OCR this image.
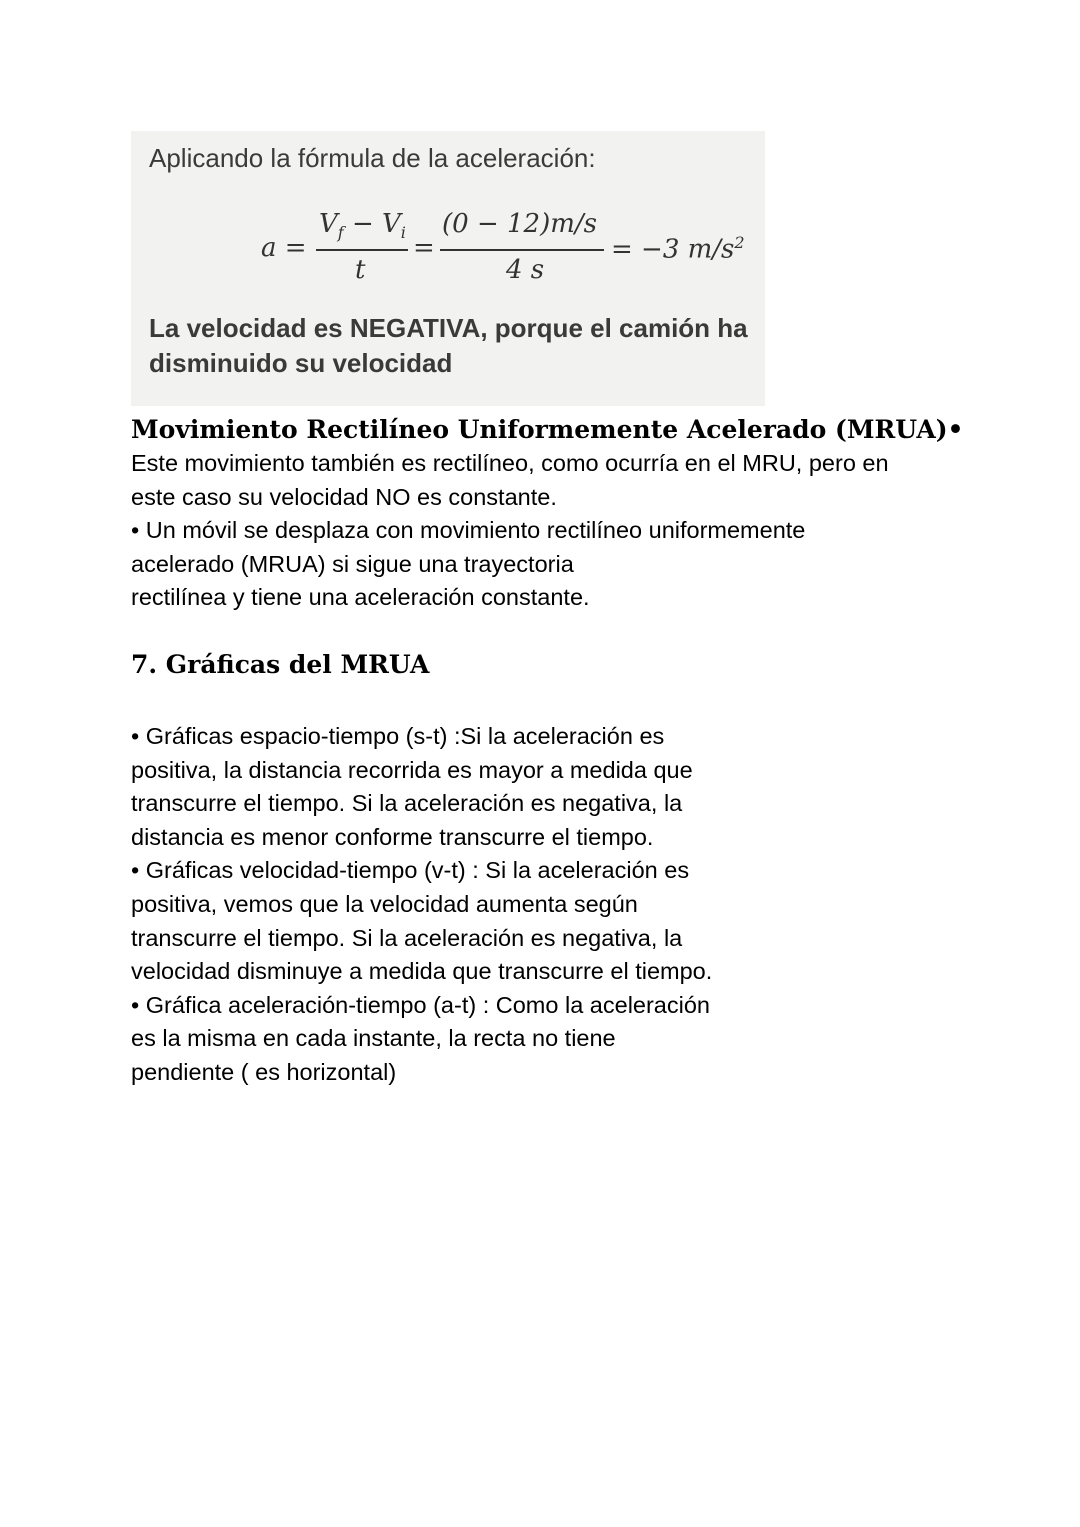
Aplicando la fórmula de la aceleración:
a =
$V_f - V_i$
t
=
(0 − 12)m/s
4 s
= −3 $m/s^2$
La velocidad es NEGATIVA, porque el camión ha
disminuido su velocidad
Movimiento Rectilíneo Uniformemente Acelerado (MRUA)•
Este movimiento también es rectilíneo, como ocurría en el MRU, pero en
este caso su velocidad NO es constante.
• Un móvil se desplaza con movimiento rectilíneo uniformemente
acelerado (MRUA) si sigue una trayectoria
rectilínea y tiene una aceleración constante.
7. Gráficas del MRUA
• Gráficas espacio-tiempo (s-t) :Si la aceleración es
positiva, la distancia recorrida es mayor a medida que
transcurre el tiempo. Si la aceleración es negativa, la
distancia es menor conforme transcurre el tiempo.
• Gráficas velocidad-tiempo (v-t) : Si la aceleración es
positiva, vemos que la velocidad aumenta según
transcurre el tiempo. Si la aceleración es negativa, la
velocidad disminuye a medida que transcurre el tiempo.
• Gráfica aceleración-tiempo (a-t) : Como la aceleración
es la misma en cada instante, la recta no tiene
pendiente ( es horizontal)
